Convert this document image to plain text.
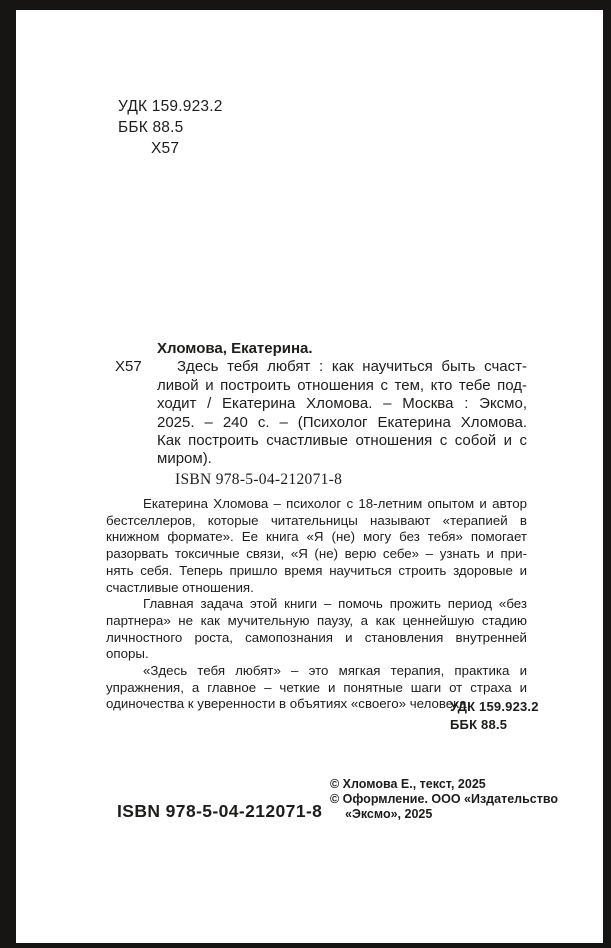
УДК 159.923.2
ББК 88.5
Х57
Х57
Хломова, Екатерина.
Здесь тебя любят : как научиться быть счаст-
ливой и построить отношения с тем, кто тебе под-
ходит / Екатерина Хломова. – Москва : Эксмо,
2025. – 240 с. – (Психолог Екатерина Хломова.
Как построить счастливые отношения с собой и с
миром).
ISBN 978-5-04-212071-8
Екатерина Хломова – психолог с 18-летним опытом и автор
бестселлеров, которые читательницы называют «терапией в
книжном формате». Ее книга «Я (не) могу без тебя» помогает
разорвать токсичные связи, «Я (не) верю себе» – узнать и при-
нять себя. Теперь пришло время научиться строить здоровые и
счастливые отношения.
Главная задача этой книги – помочь прожить период «без
партнера» не как мучительную паузу, а как ценнейшую стадию
личностного роста, самопознания и становления внутренней
опоры.
«Здесь тебя любят» – это мягкая терапия, практика и
упражнения, а главное – четкие и понятные шаги от страха и
одиночества к уверенности в объятиях «своего» человека.
УДК 159.923.2
ББК 88.5
ISBN 978-5-04-212071-8
© Хломова Е., текст, 2025
© Оформление. ООО «Издательство
«Эксмо», 2025
